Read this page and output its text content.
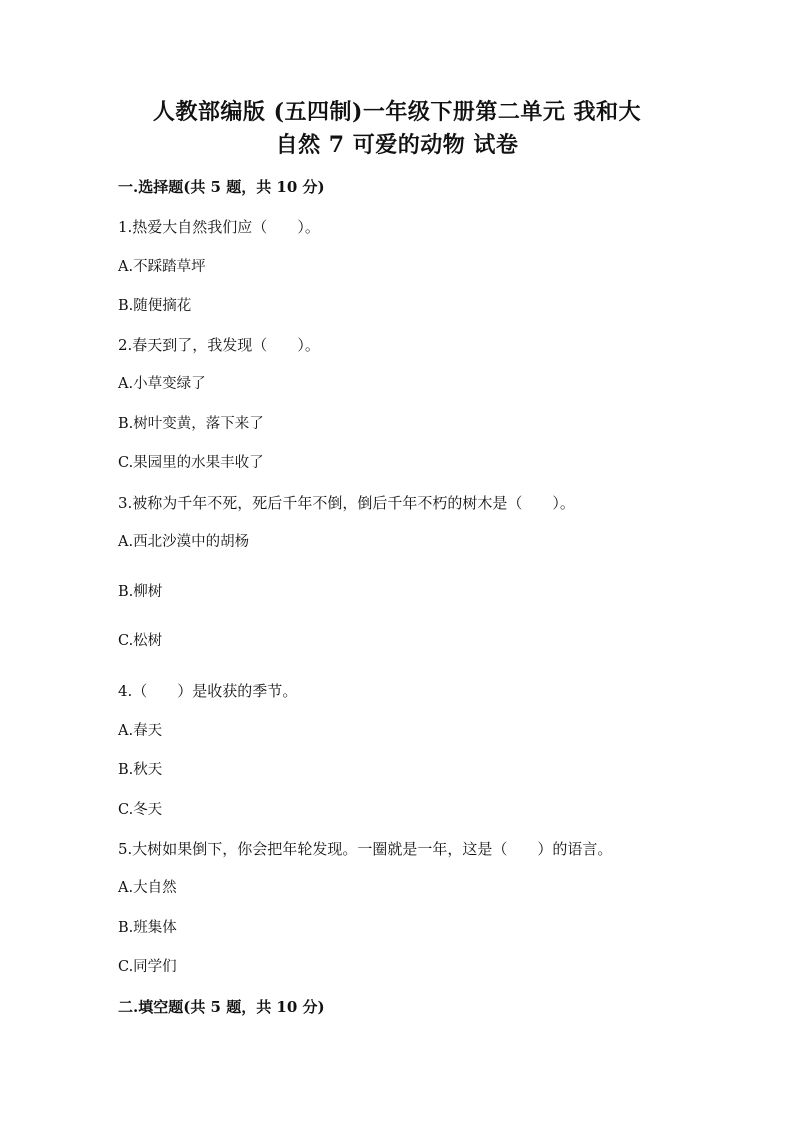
人教部编版 (五四制)一年级下册第二单元 我和大
自然 7 可爱的动物 试卷
一.选择题(共 5 题，共 10 分)
1.热爱大自然我们应（　　）。
A.不踩踏草坪
B.随便摘花
2.春天到了，我发现（　　）。
A.小草变绿了
B.树叶变黄，落下来了
C.果园里的水果丰收了
3.被称为千年不死，死后千年不倒，倒后千年不朽的树木是（　　）。
A.西北沙漠中的胡杨
B.柳树
C.松树
4.（　　）是收获的季节。
A.春天
B.秋天
C.冬天
5.大树如果倒下，你会把年轮发现。一圈就是一年，这是（　　）的语言。
A.大自然
B.班集体
C.同学们
二.填空题(共 5 题，共 10 分)
